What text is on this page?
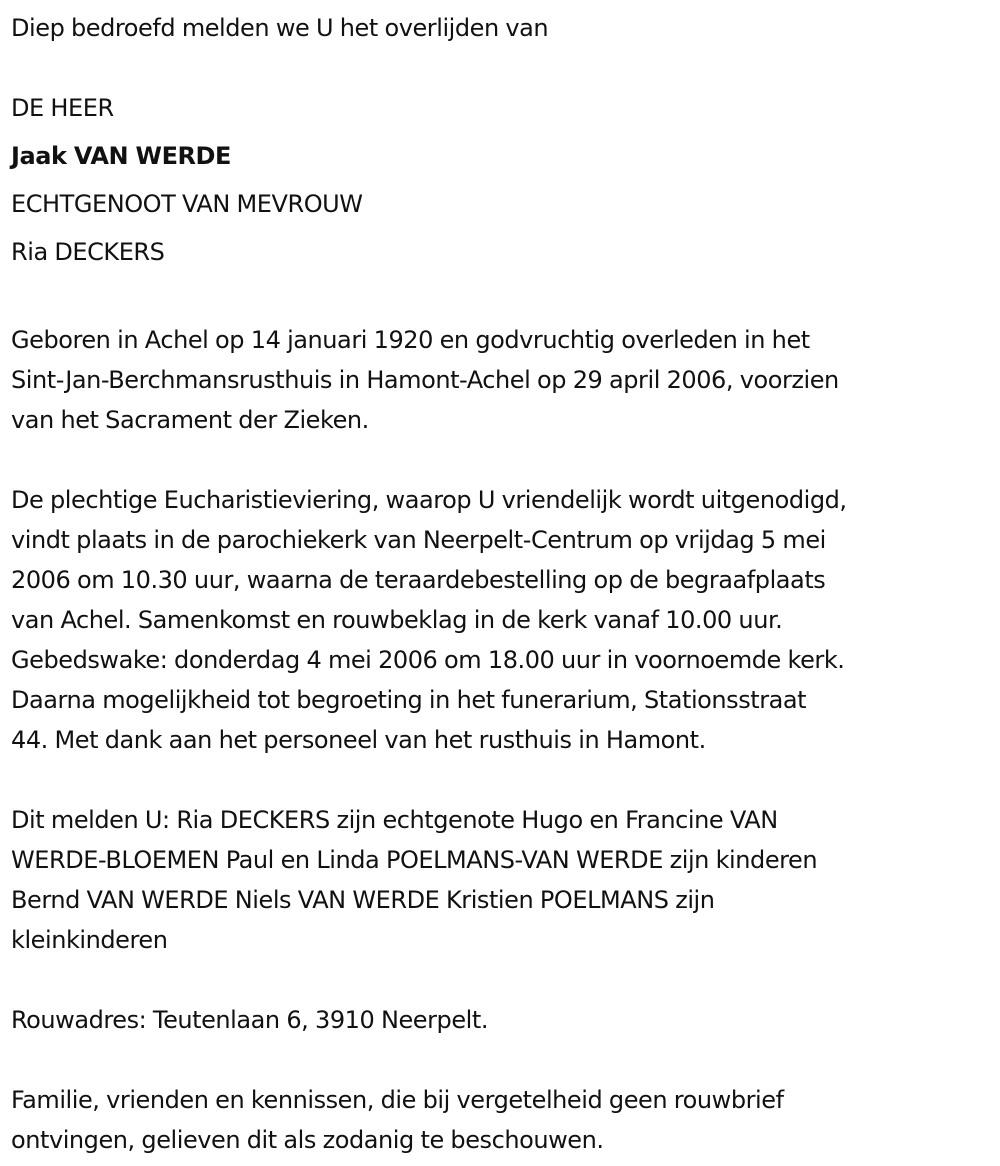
Diep bedroefd melden we U het overlijden van
DE HEER
Jaak VAN WERDE
ECHTGENOOT VAN MEVROUW
Ria DECKERS
Geboren in Achel op 14 januari 1920 en godvruchtig overleden in het
Sint-Jan-Berchmansrusthuis in Hamont-Achel op 29 april 2006, voorzien
van het Sacrament der Zieken.
De plechtige Eucharistieviering, waarop U vriendelijk wordt uitgenodigd,
vindt plaats in de parochiekerk van Neerpelt-Centrum op vrijdag 5 mei
2006 om 10.30 uur, waarna de teraardebestelling op de begraafplaats
van Achel. Samenkomst en rouwbeklag in de kerk vanaf 10.00 uur.
Gebedswake: donderdag 4 mei 2006 om 18.00 uur in voornoemde kerk.
Daarna mogelijkheid tot begroeting in het funerarium, Stationsstraat
44. Met dank aan het personeel van het rusthuis in Hamont.
Dit melden U: Ria DECKERS zijn echtgenote Hugo en Francine VAN
WERDE-BLOEMEN Paul en Linda POELMANS-VAN WERDE zijn kinderen
Bernd VAN WERDE Niels VAN WERDE Kristien POELMANS zijn
kleinkinderen
Rouwadres: Teutenlaan 6, 3910 Neerpelt.
Familie, vrienden en kennissen, die bij vergetelheid geen rouwbrief
ontvingen, gelieven dit als zodanig te beschouwen.
